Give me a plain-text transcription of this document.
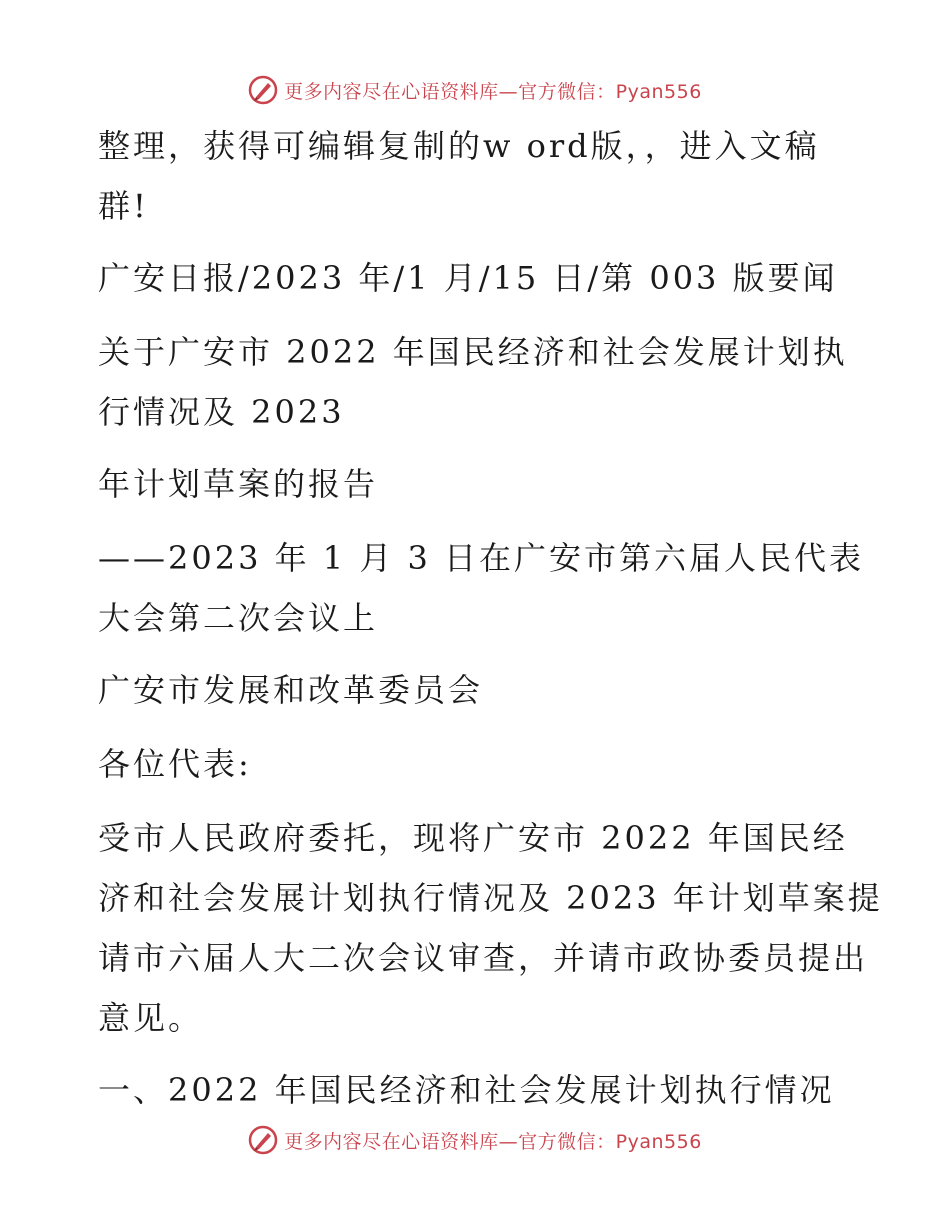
更多内容尽在心语资料库—官方微信：Pyan556
整理，获得可编辑复制的w ord版，，进入文稿
群!
广安日报/2023 年/1 月/15 日/第 003 版要闻
关于广安市 2022 年国民经济和社会发展计划执
行情况及 2023
年计划草案的报告
——2023 年 1 月 3 日在广安市第六届人民代表
大会第二次会议上
广安市发展和改革委员会
各位代表:
受市人民政府委托，现将广安市 2022 年国民经
济和社会发展计划执行情况及 2023 年计划草案提
请市六届人大二次会议审查，并请市政协委员提出
意见。
一、2022 年国民经济和社会发展计划执行情况
更多内容尽在心语资料库—官方微信：Pyan556
